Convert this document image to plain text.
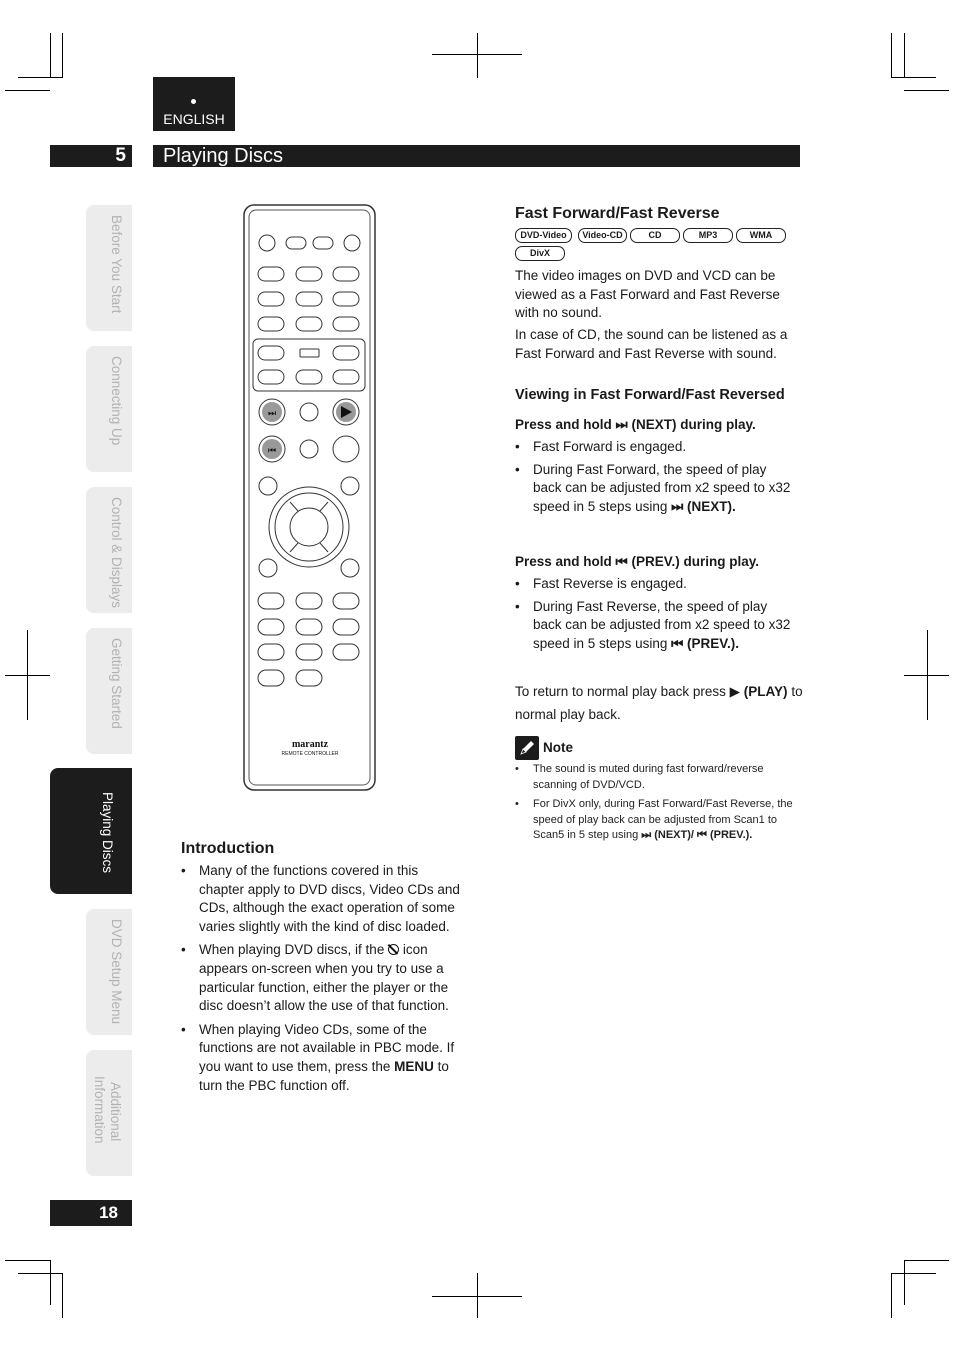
ENGLISH
5	Playing Discs
Before You Start
Connecting Up
Control & Displays
Getting Started
Playing Discs
DVD Setup Menu
Additional
Information
18
⏭
⏮
marantz
REMOTE CONTROLLER
Introduction
• Many of the functions covered in this chapter apply to DVD discs, Video CDs and CDs, although the exact operation of some varies slightly with the kind of disc loaded.
• When playing DVD discs, if the icon appears on-screen when you try to use a particular function, either the player or the disc doesn’t allow the use of that function.
• When playing Video CDs, some of the functions are not available in PBC mode. If you want to use them, press the MENU to turn the PBC function off.
Fast Forward/Fast Reverse
DVD-Video	Video-CD	CD	MP3	WMA
DivX
The video images on DVD and VCD can be viewed as a Fast Forward and Fast Reverse with no sound.
In case of CD, the sound can be listened as a Fast Forward and Fast Reverse with sound.
Viewing in Fast Forward/Fast Reversed
Press and hold ⏭ (NEXT) during play.
• Fast Forward is engaged.
• During Fast Forward, the speed of play back can be adjusted from x2 speed to x32 speed in 5 steps using ⏭ (NEXT).
Press and hold ⏮ (PREV.) during play.
• Fast Reverse is engaged.
• During Fast Reverse, the speed of play back can be adjusted from x2 speed to x32 speed in 5 steps using ⏮ (PREV.).
To return to normal play back press ▶ (PLAY) to normal play back.
Note
• The sound is muted during fast forward/reverse scanning of DVD/VCD.
• For DivX only, during Fast Forward/Fast Reverse, the speed of play back can be adjusted from Scan1 to Scan5 in 5 step using ⏭ (NEXT)/ ⏮ (PREV.).
